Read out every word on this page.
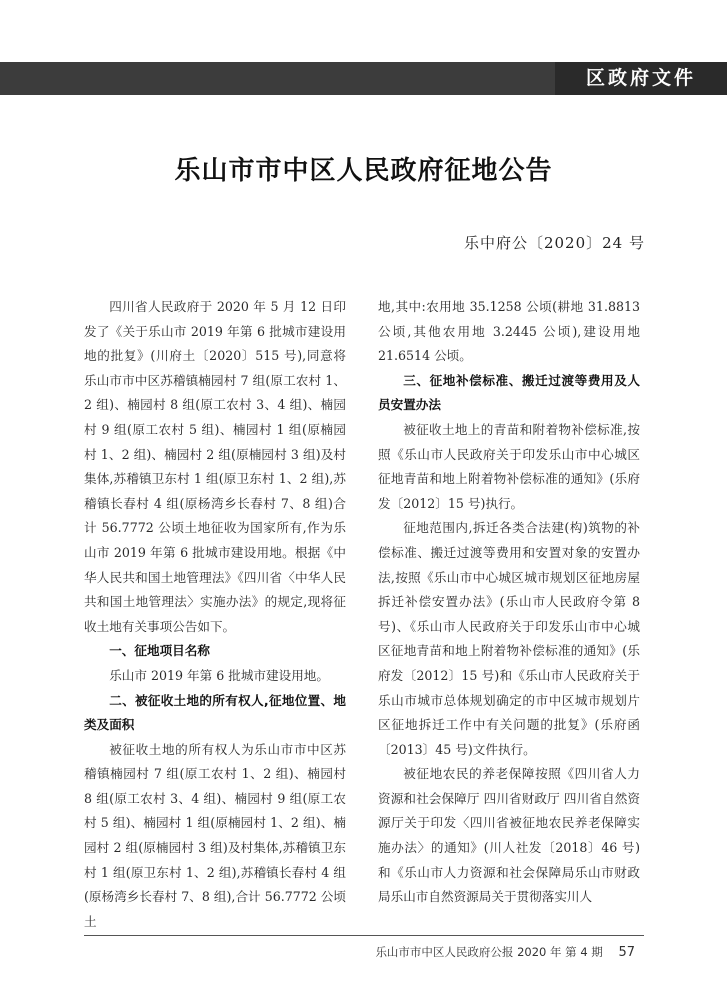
区政府文件
乐山市市中区人民政府征地公告
乐中府公〔2020〕24 号

四川省人民政府于 2020 年 5 月 12 日印发了《关于乐山市 2019 年第 6 批城市建设用地的批复》(川府土〔2020〕515 号),同意将乐山市市中区苏稽镇楠园村 7 组(原工农村 1、2 组)、楠园村 8 组(原工农村 3、4 组)、楠园村 9 组(原工农村 5 组)、楠园村 1 组(原楠园村 1、2 组)、楠园村 2 组(原楠园村 3 组)及村集体,苏稽镇卫东村 1 组(原卫东村 1、2 组),苏稽镇长春村 4 组(原杨湾乡长春村 7、8 组)合计 56.7772 公顷土地征收为国家所有,作为乐山市 2019 年第 6 批城市建设用地。根据《中华人民共和国土地管理法》《四川省〈中华人民共和国土地管理法〉实施办法》的规定,现将征收土地有关事项公告如下。

一、征地项目名称

乐山市 2019 年第 6 批城市建设用地。

二、被征收土地的所有权人,征地位置、地类及面积

被征收土地的所有权人为乐山市市中区苏稽镇楠园村 7 组(原工农村 1、2 组)、楠园村 8 组(原工农村 3、4 组)、楠园村 9 组(原工农村 5 组)、楠园村 1 组(原楠园村 1、2 组)、楠园村 2 组(原楠园村 3 组)及村集体,苏稽镇卫东村 1 组(原卫东村 1、2 组),苏稽镇长春村 4 组(原杨湾乡长春村 7、8 组),合计 56.7772 公顷土

地,其中:农用地 35.1258 公顷(耕地 31.8813 公顷,其他农用地 3.2445 公顷),建设用地 21.6514 公顷。

三、征地补偿标准、搬迁过渡等费用及人员安置办法

被征收土地上的青苗和附着物补偿标准,按照《乐山市人民政府关于印发乐山市中心城区征地青苗和地上附着物补偿标准的通知》(乐府发〔2012〕15 号)执行。

征地范围内,拆迁各类合法建(构)筑物的补偿标准、搬迁过渡等费用和安置对象的安置办法,按照《乐山市中心城区城市规划区征地房屋拆迁补偿安置办法》(乐山市人民政府令第 8 号)、《乐山市人民政府关于印发乐山市中心城区征地青苗和地上附着物补偿标准的通知》(乐府发〔2012〕15 号)和《乐山市人民政府关于乐山市城市总体规划确定的市中区城市规划片区征地拆迁工作中有关问题的批复》(乐府函〔2013〕45 号)文件执行。

被征地农民的养老保障按照《四川省人力资源和社会保障厅 四川省财政厅 四川省自然资源厅关于印发〈四川省被征地农民养老保障实施办法〉的通知》(川人社发〔2018〕46 号)和《乐山市人力资源和社会保障局乐山市财政局乐山市自然资源局关于贯彻落实川人

乐山市市中区人民政府公报 2020 年 第 4 期 57
